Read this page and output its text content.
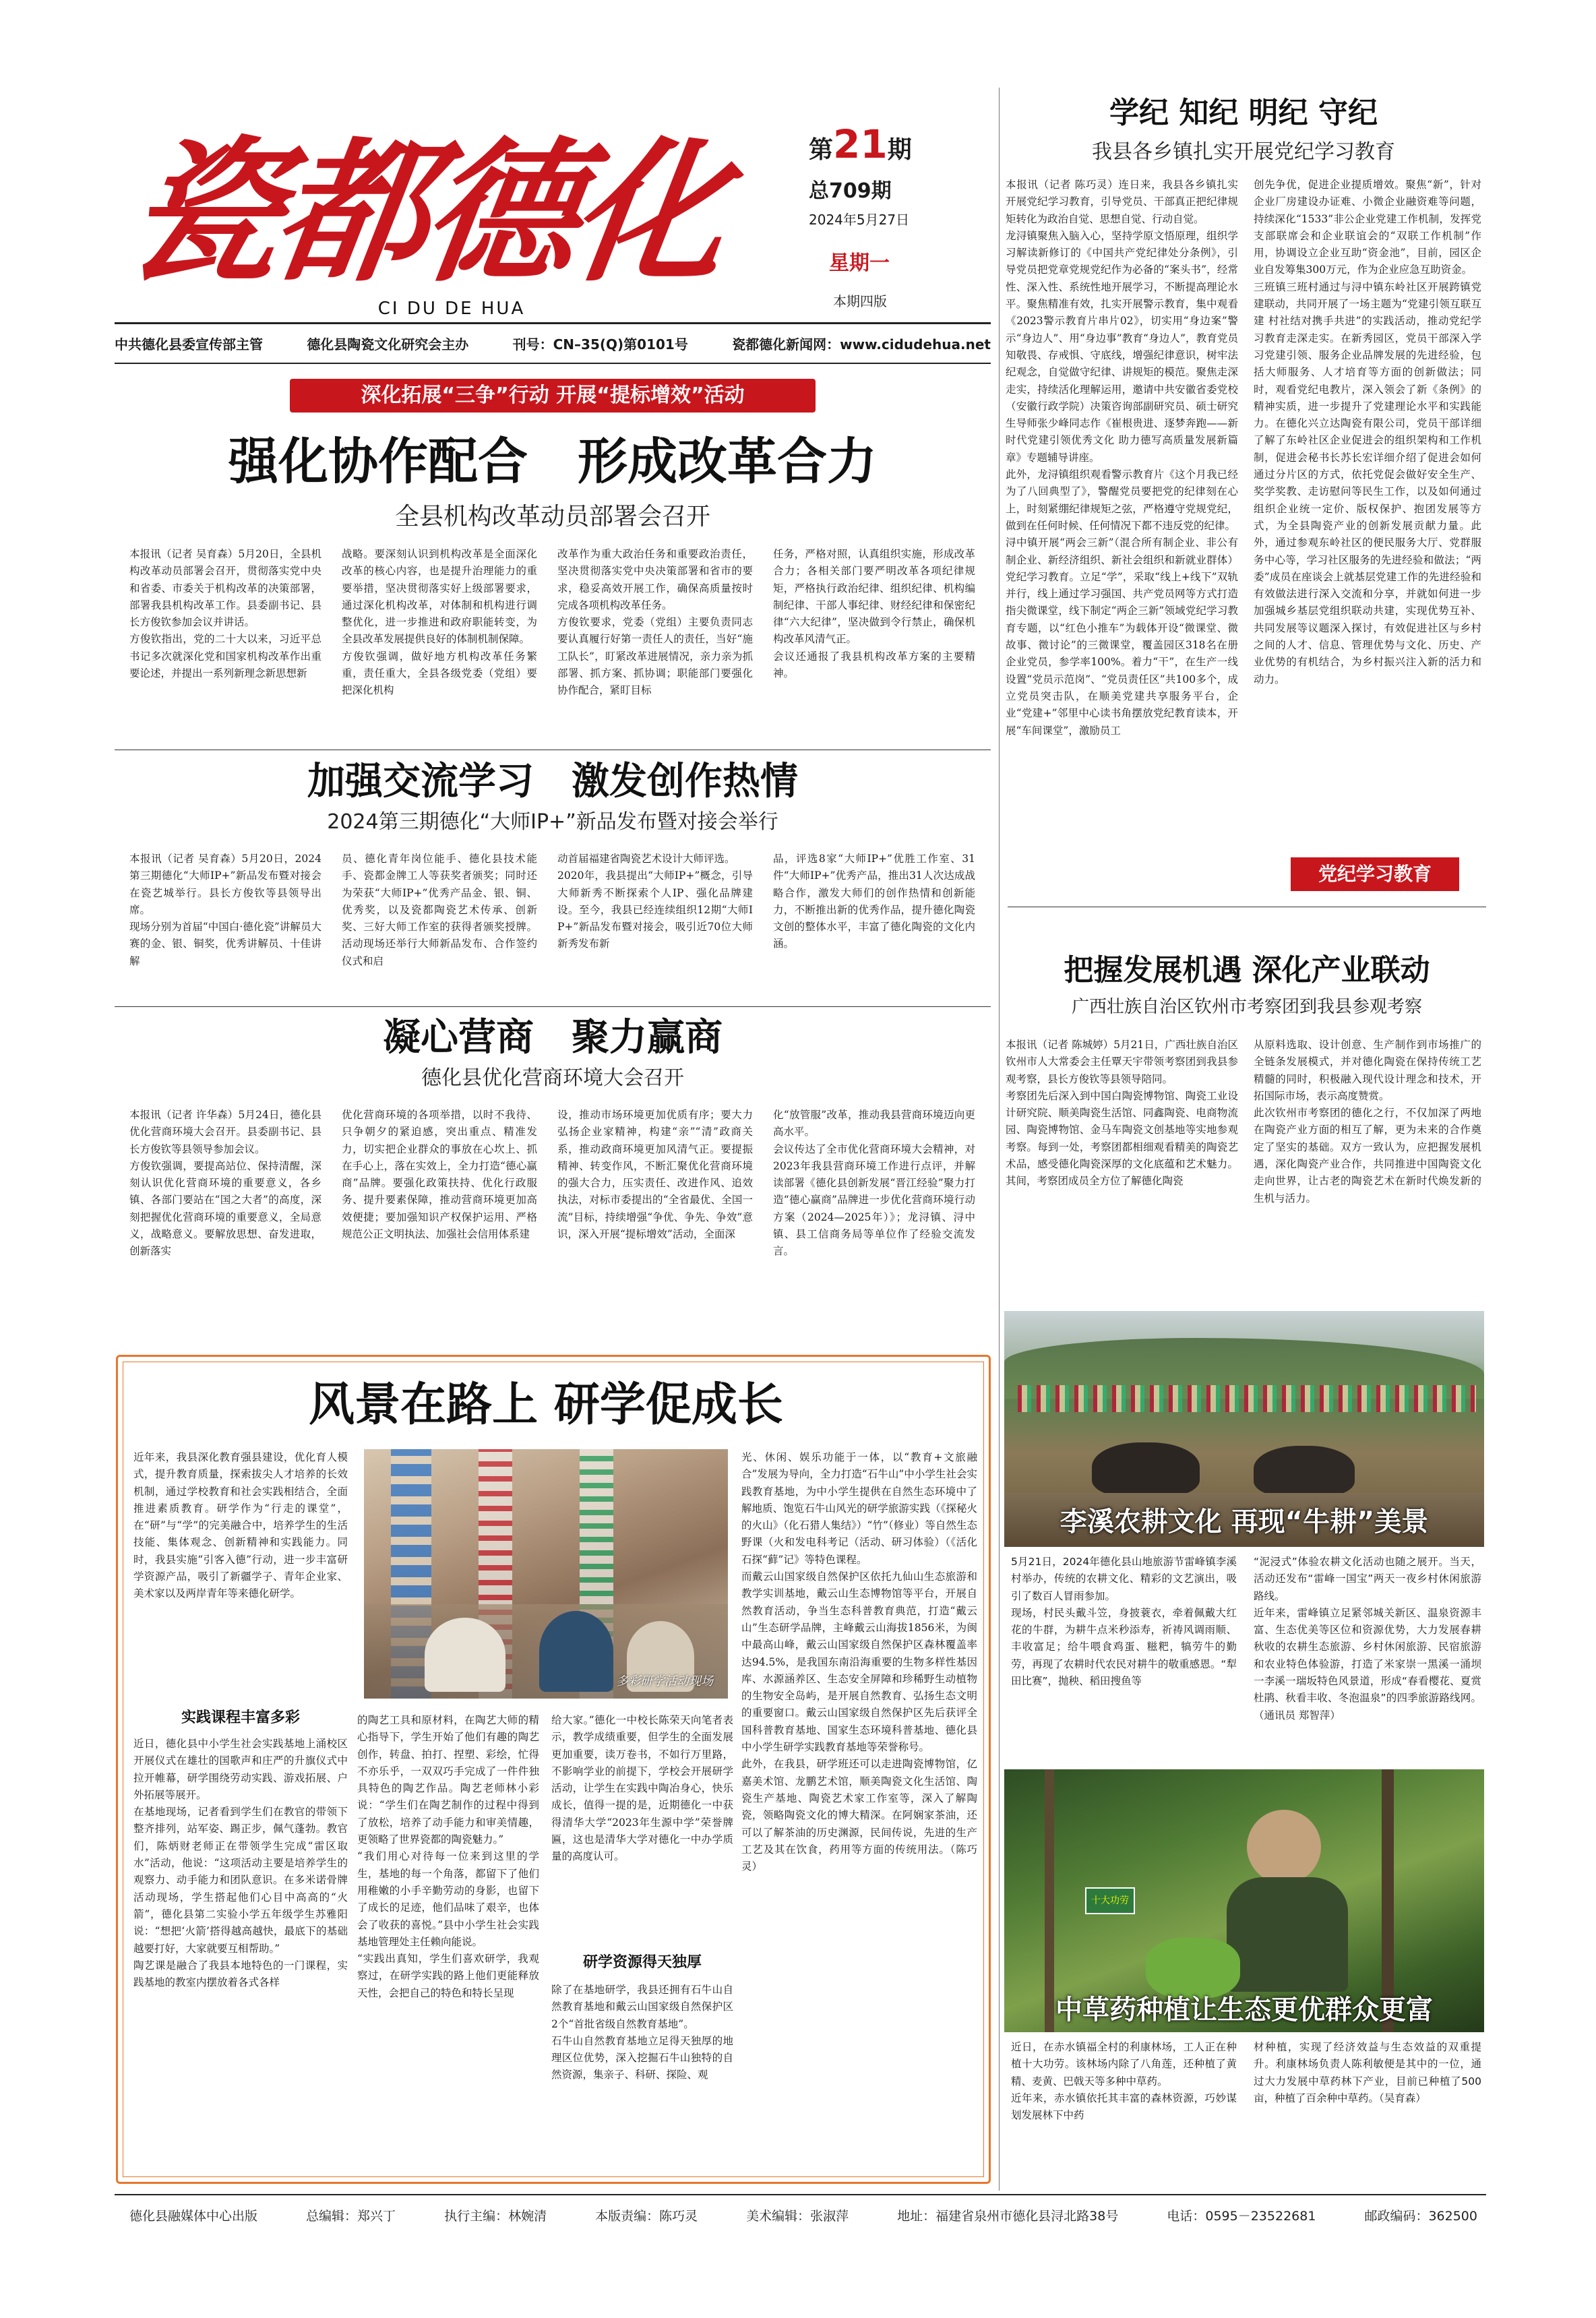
瓷都德化
CI DU DE HUA
第21期
总709期
2024年5月27日
星期一
本期四版
中共德化县委宣传部主管	德化县陶瓷文化研究会主办	刊号：CN–35(Q)第0101号	瓷都德化新闻网：www.cidudehua.net
深化拓展“三争”行动 开展“提标增效”活动
强化协作配合　形成改革合力
全县机构改革动员部署会召开
本报讯（记者 吴育森）5月20日，全县机构改革动员部署会召开，贯彻落实党中央和省委、市委关于机构改革的决策部署，部署我县机构改革工作。县委副书记、县长方俊钦参加会议并讲话。
方俊钦指出，党的二十大以来，习近平总书记多次就深化党和国家机构改革作出重要论述，并提出一系列新理念新思想新
战略。要深刻认识到机构改革是全面深化改革的核心内容，也是提升治理能力的重要举措，坚决贯彻落实好上级部署要求，通过深化机构改革，对体制和机构进行调整优化，进一步推进和政府职能转变，为全县改革发展提供良好的体制机制保障。
方俊钦强调，做好地方机构改革任务繁重，责任重大，全县各级党委（党组）要把深化机构
改革作为重大政治任务和重要政治责任，坚决贯彻落实党中央决策部署和省市的要求，稳妥高效开展工作，确保高质量按时完成各项机构改革任务。
方俊钦要求，党委（党组）主要负责同志要认真履行好第一责任人的责任，当好“施工队长”，盯紧改革进展情况，亲力亲为抓部署、抓方案、抓协调；职能部门要强化协作配合，紧盯目标
任务，严格对照，认真组织实施，形成改革合力；各相关部门要严明改革各项纪律规矩，严格执行政治纪律、组织纪律、机构编制纪律、干部人事纪律、财经纪律和保密纪律“六大纪律”，坚决做到令行禁止，确保机构改革风清气正。
会议还通报了我县机构改革方案的主要精神。
加强交流学习　激发创作热情
2024第三期德化“大师IP+”新品发布暨对接会举行
本报讯（记者 吴育森）5月20日，2024第三期德化“大师IP+”新品发布暨对接会在瓷艺城举行。县长方俊钦等县领导出席。
现场分别为首届“中国白·德化瓷”讲解员大赛的金、银、铜奖，优秀讲解员、十佳讲解
员、德化青年岗位能手、德化县技术能手、瓷都金牌工人等获奖者颁奖；同时还为荣获“大师IP+”优秀产品金、银、铜、优秀奖，以及瓷都陶瓷艺术传承、创新奖、三好大师工作室的获得者颁奖授牌。活动现场还举行大师新品发布、合作签约仪式和启
动首届福建省陶瓷艺术设计大师评选。
2020年，我县提出“大师IP+”概念，引导大师新秀不断探索个人IP、强化品牌建设。至今，我县已经连续组织12期“大师IP+”新品发布暨对接会，吸引近70位大师新秀发布新
品，评选8家“大师IP+”优胜工作室、31件“大师IP+”优秀产品，推出31人次达成战略合作，激发大师们的创作热情和创新能力，不断推出新的优秀作品，提升德化陶瓷文创的整体水平，丰富了德化陶瓷的文化内涵。
凝心营商　聚力赢商
德化县优化营商环境大会召开
本报讯（记者 许华森）5月24日，德化县优化营商环境大会召开。县委副书记、县长方俊钦等县领导参加会议。
方俊钦强调，要提高站位、保持清醒，深刻认识优化营商环境的重要意义，各乡镇、各部门要站在“国之大者”的高度，深刻把握优化营商环境的重要意义，全局意义，战略意义。要解放思想、奋发进取，创新落实
优化营商环境的各项举措，以时不我待、只争朝夕的紧迫感，突出重点、精准发力，切实把企业群众的事放在心坎上、抓在手心上，落在实效上，全力打造“德心赢商”品牌。要强化政策扶持、优化行政服务、提升要素保障，推动营商环境更加高效便捷；要加强知识产权保护运用、严格规范公正文明执法、加强社会信用体系建
设，推动市场环境更加优质有序；要大力弘扬企业家精神，构建“亲”“清”政商关系，推动政商环境更加风清气正。要提振精神、转变作风，不断汇聚优化营商环境的强大合力，压实责任、改进作风、追效执法，对标市委提出的“全省最优、全国一流”目标，持续增强“争优、争先、争效”意识，深入开展“提标增效”活动，全面深
化“放管服”改革，推动我县营商环境迈向更高水平。
会议传达了全市优化营商环境大会精神，对2023年我县营商环境工作进行点评，并解读部署《德化县创新发展“晋江经验”聚力打造“德心赢商”品牌进一步优化营商环境行动方案（2024—2025年）》；龙浔镇、浔中镇、县工信商务局等单位作了经验交流发言。
风景在路上 研学促成长
近年来，我县深化教育强县建设，优化育人模式，提升教育质量，探索拔尖人才培养的长效机制，通过学校教育和社会实践相结合，全面推进素质教育。研学作为“行走的课堂”，在“研”与“学”的完美融合中，培养学生的生活技能、集体观念、创新精神和实践能力。同时，我县实施“引客入德”行动，进一步丰富研学资源产品，吸引了新疆学子、青年企业家、美术家以及两岸青年等来德化研学。
多彩研学活动现场
光、休闲、娱乐功能于一体，以“教育+文旅融合”发展为导向，全力打造“石牛山”中小学生社会实践教育基地，为中小学生提供在自然生态环境中了解地质、饱览石牛山风光的研学旅游实践（《探秘火的火山》（化石猎人集结》）“竹”（修业）等自然生态野课（火和发电科考记（活动、研习体验）（《活化石探“藓”记》等特色课程。
而戴云山国家级自然保护区依托九仙山生态旅游和教学实训基地，戴云山生态博物馆等平台，开展自然教育活动，争当生态科普教育典范，打造“戴云山”生态研学品牌，主峰戴云山海拔1856米，为闽中最高山峰，戴云山国家级自然保护区森林覆盖率达94.5%，是我国东南沿海重要的生物多样性基因库、水源涵养区、生态安全屏障和珍稀野生动植物的生物安全岛屿，是开展自然教育、弘扬生态文明的重要窗口。戴云山国家级自然保护区先后获评全国科普教育基地、国家生态环境科普基地、德化县中小学生研学实践教育基地等荣誉称号。
此外，在我县，研学班还可以走进陶瓷博物馆，亿嘉美术馆、龙鹏艺术馆，顺美陶瓷文化生活馆、陶瓷生产基地、陶瓷艺术家工作室等，深入了解陶瓷，领略陶瓷文化的博大精深。在阿娴家茶油，还可以了解茶油的历史渊源，民间传说，先进的生产工艺及其在饮食，药用等方面的传统用法。（陈巧灵）
实践课程丰富多彩
近日，德化县中小学生社会实践基地上涌校区开展仪式在雄壮的国歌声和庄严的升旗仪式中拉开帷幕，研学围绕劳动实践、游戏拓展、户外拓展等展开。
在基地现场，记者看到学生们在教官的带领下整齐排列，站军姿、踢正步，佩气蓬勃。教官们，陈炳财老师正在带领学生完成“雷区取水”活动，他说：“这项活动主要是培养学生的观察力、动手能力和团队意识。在多米诺骨牌活动现场，学生搭起他们心目中高高的“火箭”，德化县第二实验小学五年级学生苏雅阳说：“想把‘火箭’搭得越高越快，最底下的基础越要打好，大家就要互相帮助。”
陶艺课是融合了我县本地特色的一门课程，实践基地的教室内摆放着各式各样
的陶艺工具和原材料，在陶艺大师的精心指导下，学生开始了他们有趣的陶艺创作，转盘、拍打、捏塑、彩绘，忙得不亦乐乎，一双双巧手完成了一件件独具特色的陶艺作品。陶艺老师林小彩说：“学生们在陶艺制作的过程中得到了放松，培养了动手能力和审美情趣，更领略了世界瓷都的陶瓷魅力。”
“我们用心对待每一位来到这里的学生，基地的每一个角落，都留下了他们用稚嫩的小手辛勤劳动的身影，也留下了成长的足迹，他们品味了艰辛，也体会了收获的喜悦。”县中小学生社会实践基地管理处主任赖向能说。
“实践出真知，学生们喜欢研学，我观察过，在研学实践的路上他们更能释放天性，会把自己的特色和特长呈现
给大家。”德化一中校长陈荣天向笔者表示，教学成绩重要，但学生的全面发展更加重要，读万卷书，不如行万里路，不影响学业的前提下，学校会开展研学活动，让学生在实践中陶冶身心，快乐成长，值得一提的是，近期德化一中获得清华大学“2023年生源中学”荣誉牌匾，这也是清华大学对德化一中办学质量的高度认可。
研学资源得天独厚
除了在基地研学，我县还拥有石牛山自然教育基地和戴云山国家级自然保护区2个“首批省级自然教育基地”。
石牛山自然教育基地立足得天独厚的地理区位优势，深入挖掘石牛山独特的自然资源，集亲子、科研、探险、观
学纪 知纪 明纪 守纪
我县各乡镇扎实开展党纪学习教育
本报讯（记者 陈巧灵）连日来，我县各乡镇扎实开展党纪学习教育，引导党员、干部真正把纪律规矩转化为政治自觉、思想自觉、行动自觉。
龙浔镇聚焦入脑入心，坚持学原文悟原理，组织学习解读新修订的《中国共产党纪律处分条例》，引导党员把党章党规党纪作为必备的“案头书”，经常性、深入性、系统性地开展学习，不断提高理论水平。聚焦精准有效，扎实开展警示教育，集中观看《2023警示教育片串片02》，切实用“身边案”警示“身边人”、用“身边事”教育“身边人”，教育党员知敬畏、存戒惧、守底线，增强纪律意识，树牢法纪观念，自觉做守纪律、讲规矩的模范。聚焦走深走实，持续活化理解运用，邀请中共安徽省委党校（安徽行政学院）决策咨询部副研究员、硕士研究生导师张少峰同志作《崔根贵进、逐梦奔跑——新时代党建引领优秀文化 助力德写高质量发展新篇章》专题辅导讲座。
此外，龙浔镇组织观看警示教育片《这个月我已经为了八回典型了》，警醒党员要把党的纪律刻在心上，时刻紧绷纪律规矩之弦，严格遵守党规党纪，做到在任何时候、任何情况下都不违反党的纪律。
浔中镇开展“两会三新”（混合所有制企业、非公有制企业、新经济组织、新社会组织和新就业群体）党纪学习教育。立足“学”，采取“线上+线下”双轨并行，线上通过学习强国、共产党员网等方式打造指尖微课堂，线下制定“两企三新”领域党纪学习教育专题，以“红色小推车”为载体开设“微课堂、微故事、微讨论”的三微课堂，覆盖园区318名在册企业党员，参学率100%。着力“干”，在生产一线设置“党员示范岗”、“党员责任区”共100多个，成立党员突击队，在顺美党建共享服务平台，企业“党建+”邻里中心读书角摆放党纪教育读本，开展“车间课堂”，激励员工
创先争优，促进企业提质增效。聚焦“新”，针对企业厂房建设办证难、小微企业融资难等问题，持续深化“1533”非公企业党建工作机制，发挥党支部联席会和企业联谊会的“双联工作机制”作用，协调设立企业互助“资金池”，目前，园区企业自发筹集300万元，作为企业应急互助资金。
三班镇三班村通过与浔中镇东岭社区开展跨镇党建联动，共同开展了一场主题为“党建引领互联互建 村社结对携手共进”的实践活动，推动党纪学习教育走深走实。在新秀园区，党员干部深入学习党建引领、服务企业品牌发展的先进经验，包括大师服务、人才培育等方面的创新做法；同时，观看党纪电教片，深入领会了新《条例》的精神实质，进一步提升了党建理论水平和实践能力。在德化兴立达陶瓷有限公司，党员干部详细了解了东岭社区企业促进会的组织架构和工作机制，促进会秘书长苏长宏详细介绍了促进会如何通过分片区的方式，依托党促会做好安全生产、奖学奖教、走访慰问等民生工作，以及如何通过组织企业统一定价、版权保护、抱团发展等方式，为全县陶瓷产业的创新发展贡献力量。此外，通过参观东岭社区的便民服务大厅、党群服务中心等，学习社区服务的先进经验和做法；“两委”成员在座谈会上就基层党建工作的先进经验和有效做法进行深入交流和分享，并就如何进一步加强城乡基层党组织联动共建，实现优势互补、共同发展等议题深入探讨，有效促进社区与乡村之间的人才、信息、管理优势与文化、历史、产业优势的有机结合，为乡村振兴注入新的活力和动力。
党纪学习教育
把握发展机遇 深化产业联动
广西壮族自治区钦州市考察团到我县参观考察
本报讯（记者 陈城婷）5月21日，广西壮族自治区钦州市人大常委会主任覃天宇带领考察团到我县参观考察，县长方俊钦等县领导陪同。
考察团先后深入到中国白陶瓷博物馆、陶瓷工业设计研究院、顺美陶瓷生活馆、同鑫陶瓷、电商物流园、陶瓷博物馆、金马车陶瓷文创基地等实地参观考察。每到一处，考察团都相细观看精美的陶瓷艺术品，感受德化陶瓷深厚的文化底蕴和艺术魅力。其间，考察团成员全方位了解德化陶瓷
从原料选取、设计创意、生产制作到市场推广的全链条发展模式，并对德化陶瓷在保持传统工艺精髓的同时，积极融入现代设计理念和技术，开拓国际市场，表示高度赞赏。
此次钦州市考察团的德化之行，不仅加深了两地在陶瓷产业方面的相互了解，更为未来的合作奠定了坚实的基础。双方一致认为，应把握发展机遇，深化陶瓷产业合作，共同推进中国陶瓷文化走向世界，让古老的陶瓷艺术在新时代焕发新的生机与活力。
李溪农耕文化 再现“牛耕”美景
5月21日，2024年德化县山地旅游节雷峰镇李溪村举办，传统的农耕文化、精彩的文艺演出，吸引了数百人冒雨参加。
现场，村民头戴斗笠，身披蓑衣，牵着佩戴大红花的牛群，为耕牛点米秒添寿，祈祷风调雨顺、丰收富足；给牛喂食鸡蛋、糍粑，犒劳牛的勤劳，再现了农耕时代农民对耕牛的敬重感恩。“犁田比赛”，抛秧、稻田搜鱼等
“泥浸式”体验农耕文化活动也随之展开。当天，活动还发布“雷峰一国宝”两天一夜乡村休闲旅游路线。
近年来，雷峰镇立足紧邻城关新区、温泉资源丰富、生态优美等区位和资源优势，大力发展春耕秋收的农耕生态旅游、乡村休闲旅游、民宿旅游和农业特色体验游，打造了米家崇一黑溪一涌坝一李溪一瑞坂特色风景道，形成“春看樱花、夏赏杜鹃、秋看丰收、冬泡温泉”的四季旅游路线网。（通讯员 郑智萍）
十大功劳
中草药种植让生态更优群众更富
近日，在赤水镇福全村的利康林场，工人正在种植十大功劳。该林场内除了八角莲，还种植了黄精、麦黄、巴戟天等多种中草药。
近年来，赤水镇依托其丰富的森林资源，巧妙谋划发展林下中药
材种植，实现了经济效益与生态效益的双重提升。利康林场负责人陈利敏便是其中的一位，通过大力发展中草药林下产业，目前已种植了500亩，种植了百余种中草药。（吴育森）
德化县融媒体中心出版	总编辑：郑兴丁	执行主编：林婉清	本版责编：陈巧灵	美术编辑：张淑萍	地址：福建省泉州市德化县浔北路38号	电话：0595－23522681	邮政编码：362500
